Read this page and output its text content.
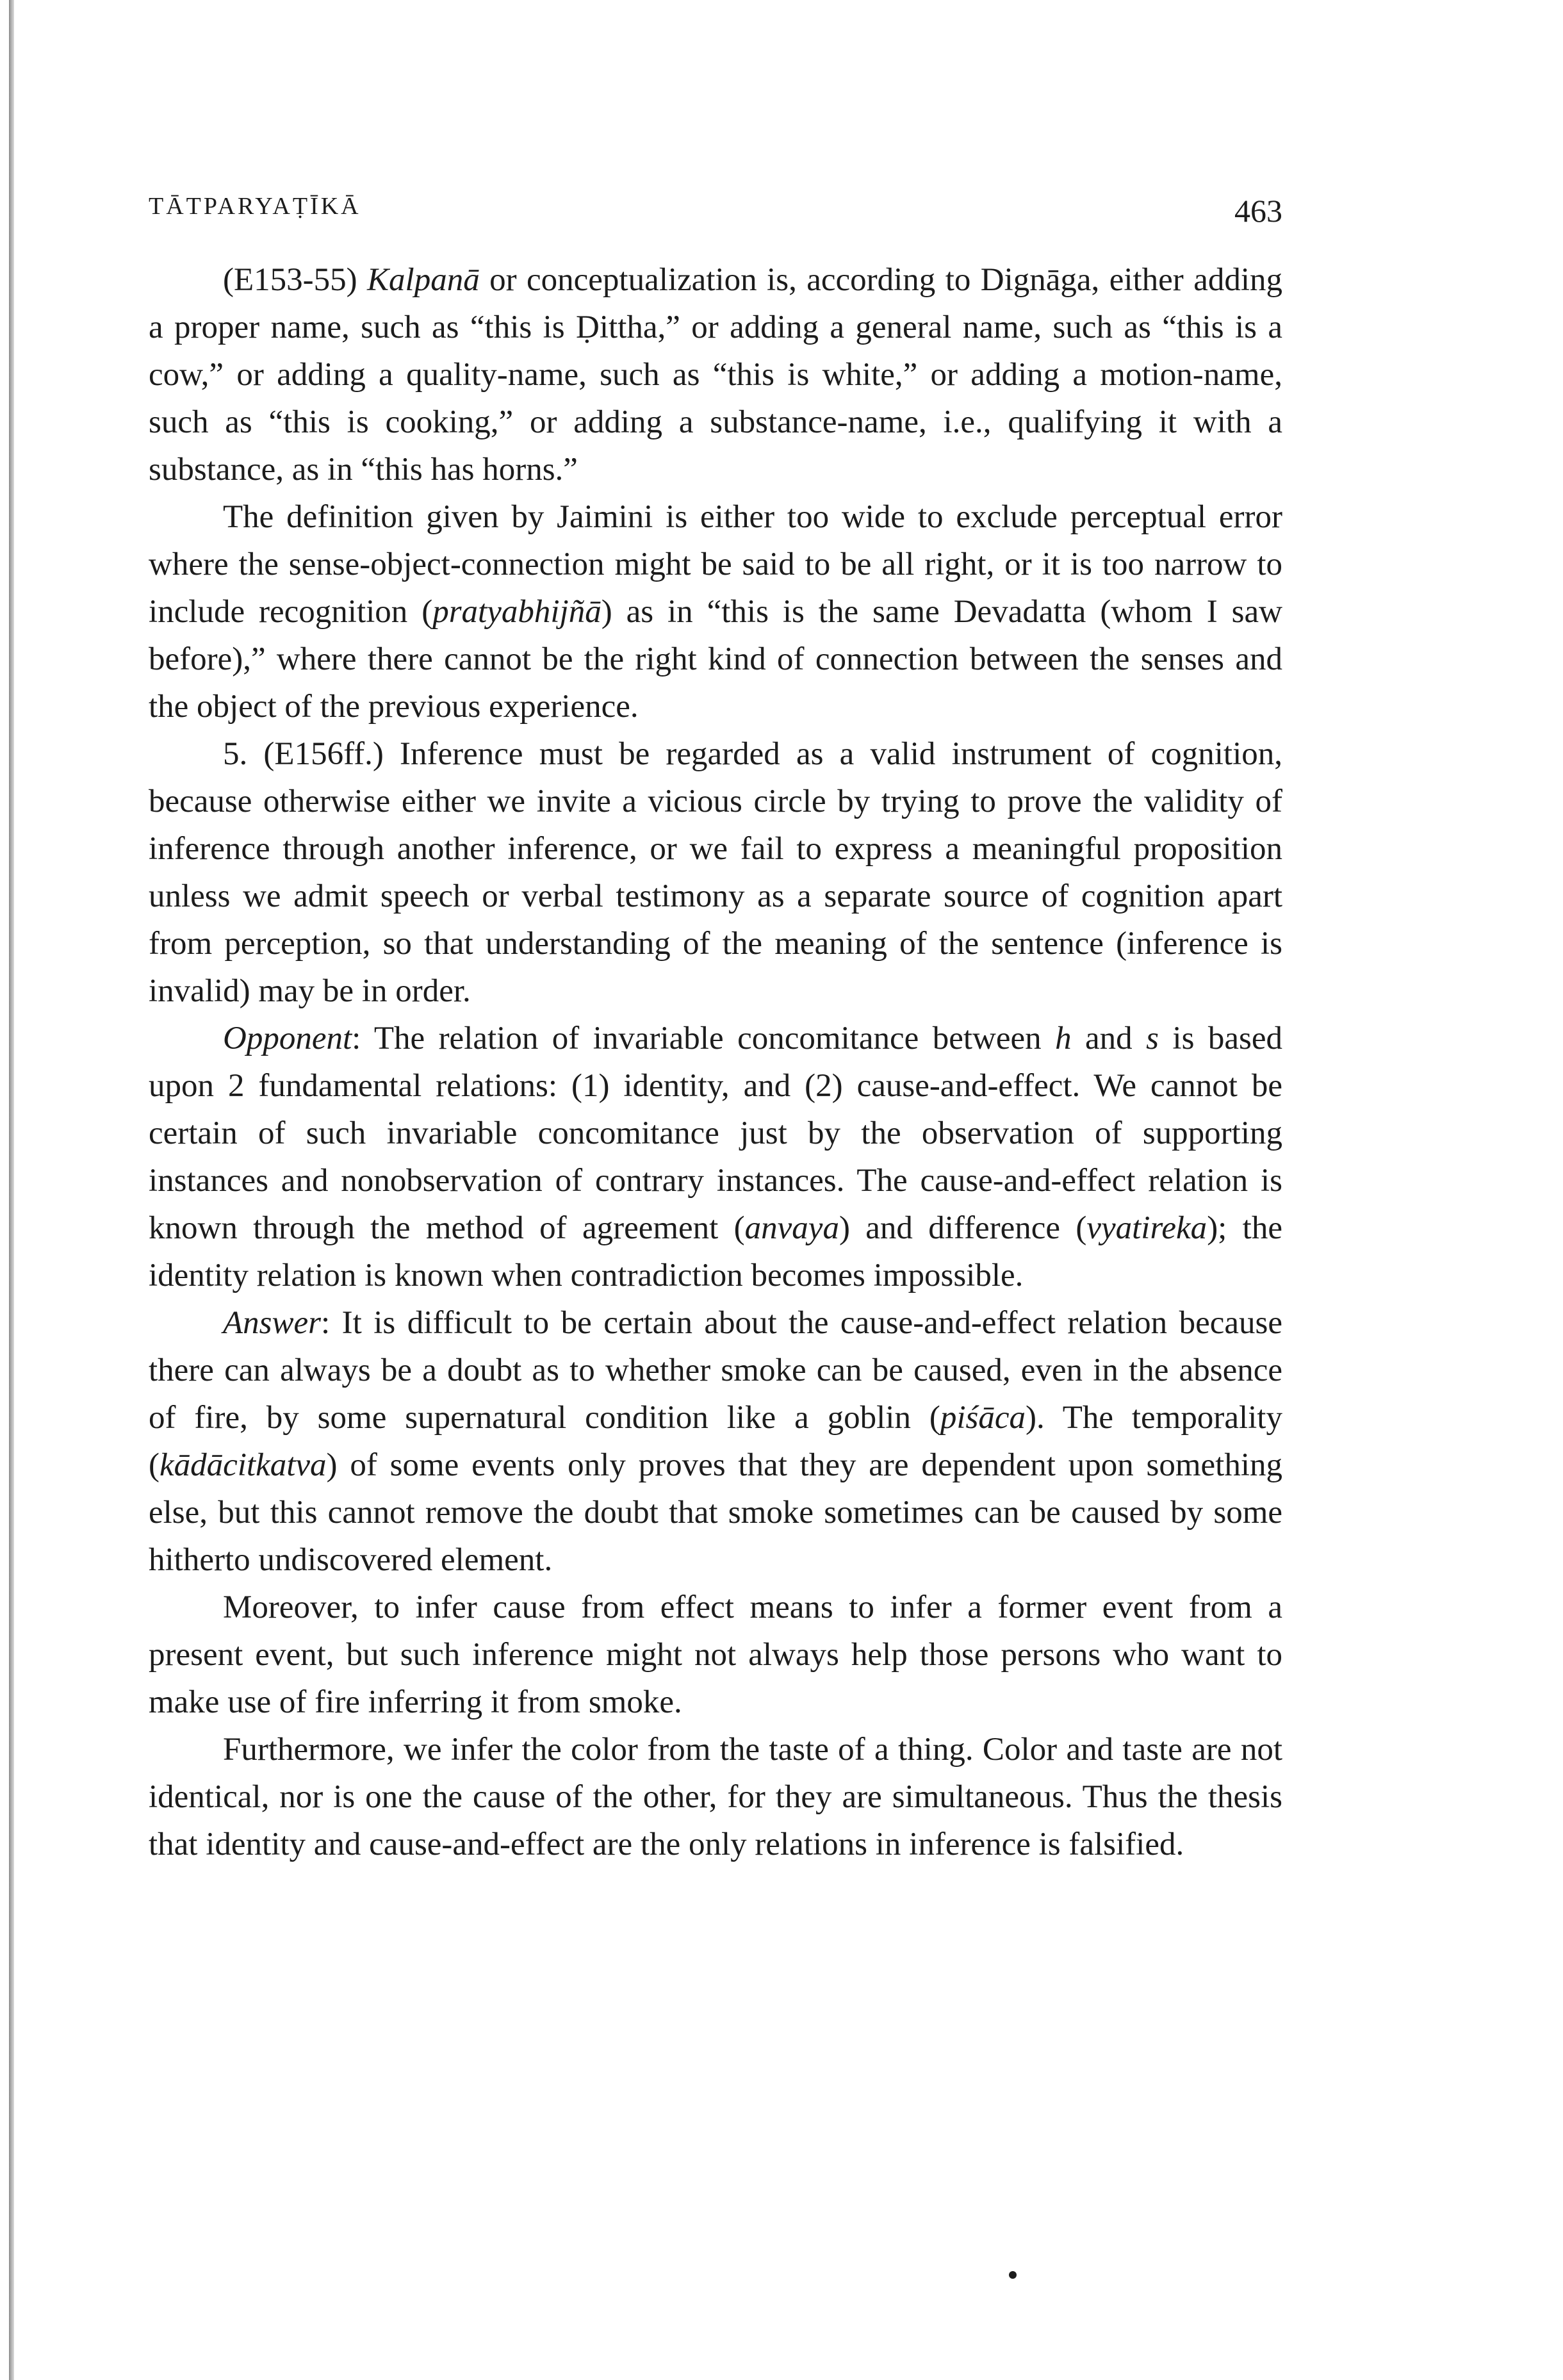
TĀTPARYAṬĪKĀ	463

(E153-55) Kalpanā or conceptualization is, according to Dignāga, either adding a proper name, such as “this is Ḍittha,” or adding a general name, such as “this is a cow,” or adding a quality-name, such as “this is white,” or adding a motion-name, such as “this is cooking,” or adding a substance-name, i.e., qualifying it with a substance, as in “this has horns.”

The definition given by Jaimini is either too wide to exclude perceptual error where the sense-object-connection might be said to be all right, or it is too narrow to include recognition (pratyabhijñā) as in “this is the same Devadatta (whom I saw before),” where there cannot be the right kind of connection between the senses and the object of the previous experience.

5. (E156ff.) Inference must be regarded as a valid instrument of cognition, because otherwise either we invite a vicious circle by trying to prove the validity of inference through another inference, or we fail to express a meaningful proposition unless we admit speech or verbal testimony as a separate source of cognition apart from perception, so that understanding of the meaning of the sentence (inference is invalid) may be in order.

Opponent: The relation of invariable concomitance between h and s is based upon 2 fundamental relations: (1) identity, and (2) cause-and-effect. We cannot be certain of such invariable concomitance just by the observation of supporting instances and nonobservation of contrary instances. The cause-and-effect relation is known through the method of agreement (anvaya) and difference (vyatireka); the identity relation is known when contradiction becomes impossible.

Answer: It is difficult to be certain about the cause-and-effect relation because there can always be a doubt as to whether smoke can be caused, even in the absence of fire, by some supernatural condition like a goblin (piśāca). The temporality (kādācitkatva) of some events only proves that they are dependent upon something else, but this cannot remove the doubt that smoke sometimes can be caused by some hitherto undiscovered element.

Moreover, to infer cause from effect means to infer a former event from a present event, but such inference might not always help those persons who want to make use of fire inferring it from smoke.

Furthermore, we infer the color from the taste of a thing. Color and taste are not identical, nor is one the cause of the other, for they are simultaneous. Thus the thesis that identity and cause-and-effect are the only relations in inference is falsified.
